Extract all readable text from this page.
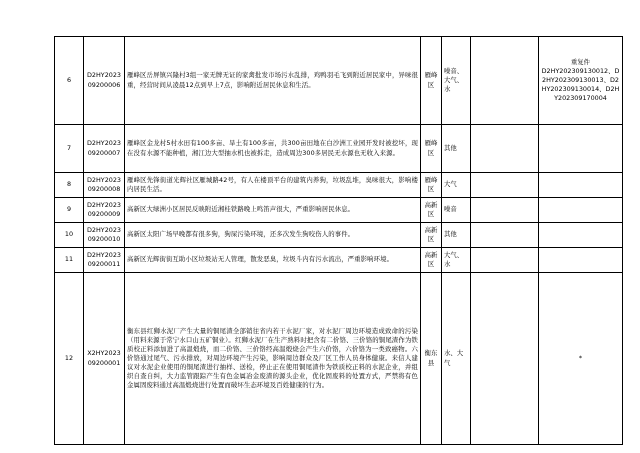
6	D2HY202309200006	雁峰区岳屏镇兴隆村3组一家无牌无证的家禽批发市场污水乱排，鸡鸭羽毛飞到附近居民家中，异味很重，经营时间从凌晨12点到早上7点，影响附近居民休息和生活。	雁峰区	噪音、大气、水		重复件
D2HY202309130012、D2HY202309130013、D2HY202309130014、D2HY202309170004
7	D2HY202309200007	雁峰区金龙村5村水田有100多亩、旱土有100多亩，共300亩田地在白沙洲工业园开发时被挖坏，现在没有水源不能种植，湘江边大型抽水机也被拆走，造成周边300多居民无水源也无收入来源。	雁峰区	其他		
8	D2HY202309200008	雁峰区先锋街道光辉社区雁城路42号，有人在楼顶平台的建筑内养狗，垃圾乱堆，臭味很大，影响楼内居民生活。	雁峰区	大气		
9	D2HY202309200009	高新区大绿洲小区居民反映附近湘桂铁路晚上鸣笛声很大，严重影响居民休息。	高新区	噪音		
10	D2HY202309200010	高新区太阳广场早晚都有很多狗，狗屎污染环境，还多次发生狗咬伤人的事件。	高新区	其他		
11	D2HY202309200011	高新区光辉街街互助小区垃圾站无人管理，散发恶臭，垃圾斗内有污水流出，严重影响环境。	高新区	大气、水		
12	X2HY202309200001	衡东县红狮水泥厂产生大量的铜尾渣全部销往省内若干水泥厂家，对水泥厂周边环境造成致命的污染（用料来源于常宁水口山五矿铜业）。红狮水泥厂在生产熟料时把含有二价铬、三价铬的铜尾渣作为铁质校正料添加进了高温煅烧，而二价铬、三价铬经高温煅烧会产生六价铬，六价铬为一类致癌物。六价铬通过尾气、污水排放，对周边环境产生污染，影响周边群众及厂区工作人员身体健康。来信人建议对水泥企业使用的铜尾渣进行抽样、送检，停止正在使用铜尾渣作为铁质校正料的水泥企业，并组织自查自纠，大力监管跟踪产生有色金属冶金废渣的源头企业，优化固废料的处置方式，严禁将有色金属固废料通过高温煅烧进行处置而破坏生态环境及百姓健康的行为。	衡东县	水、大气		*
